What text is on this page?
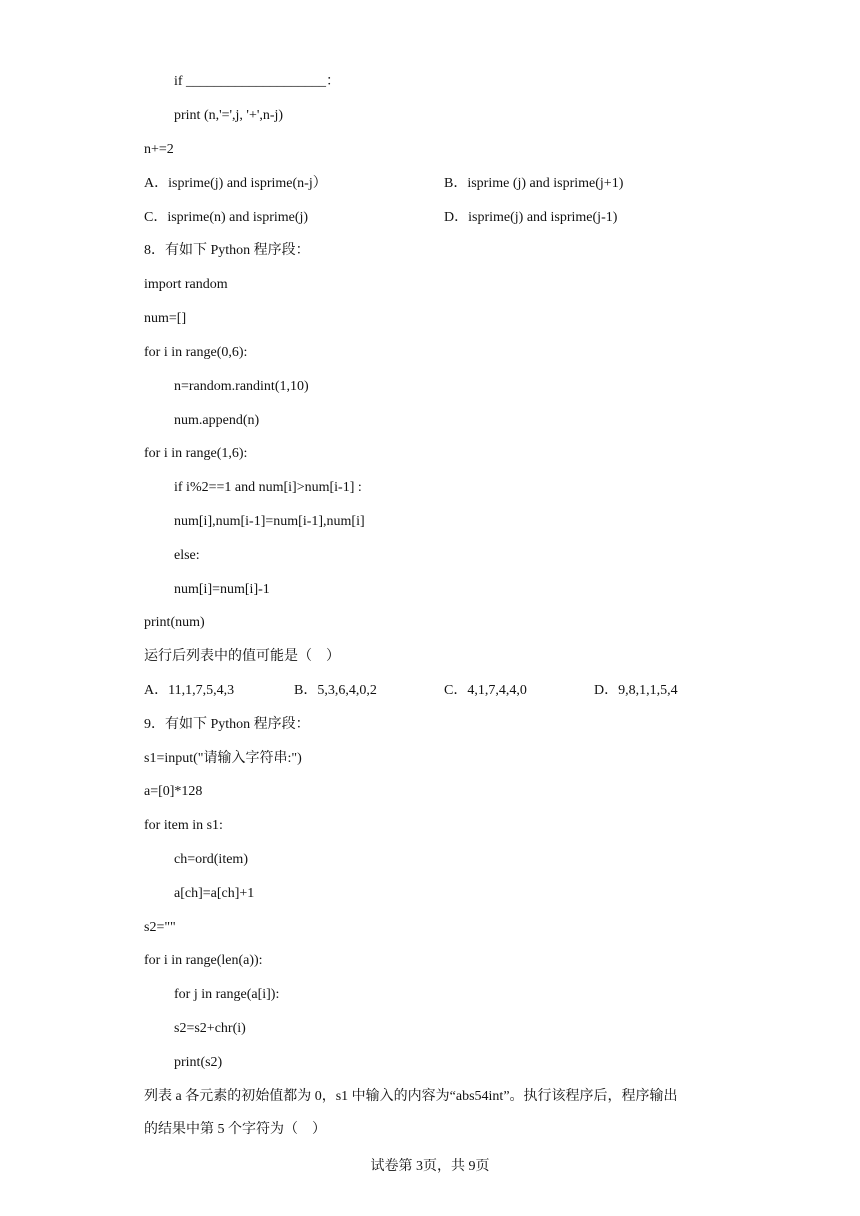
if ____________________：
print (n,'=',j, '+',n-j)
n+=2
A．isprime(j) and isprime(n-j）	B．isprime (j) and isprime(j+1)
C．isprime(n) and isprime(j)	D．isprime(j) and isprime(j-1)
8．有如下 Python 程序段：
import random
num=[]
for i in range(0,6):
n=random.randint(1,10)
num.append(n)
for i in range(1,6):
if i%2==1 and num[i]>num[i-1] :
num[i],num[i-1]=num[i-1],num[i]
else:
num[i]=num[i]-1
print(num)
运行后列表中的值可能是（　）
A．11,1,7,5,4,3	B．5,3,6,4,0,2	C．4,1,7,4,4,0	D．9,8,1,1,5,4
9．有如下 Python 程序段：
s1=input("请输入字符串:")
a=[0]*128
for item in s1:
ch=ord(item)
a[ch]=a[ch]+1
s2=""
for i in range(len(a)):
for j in range(a[i]):
s2=s2+chr(i)
print(s2)
列表 a 各元素的初始值都为 0，s1 中输入的内容为“abs54int”。执行该程序后，程序输出
的结果中第 5 个字符为（　）
试卷第 3页，共 9页
